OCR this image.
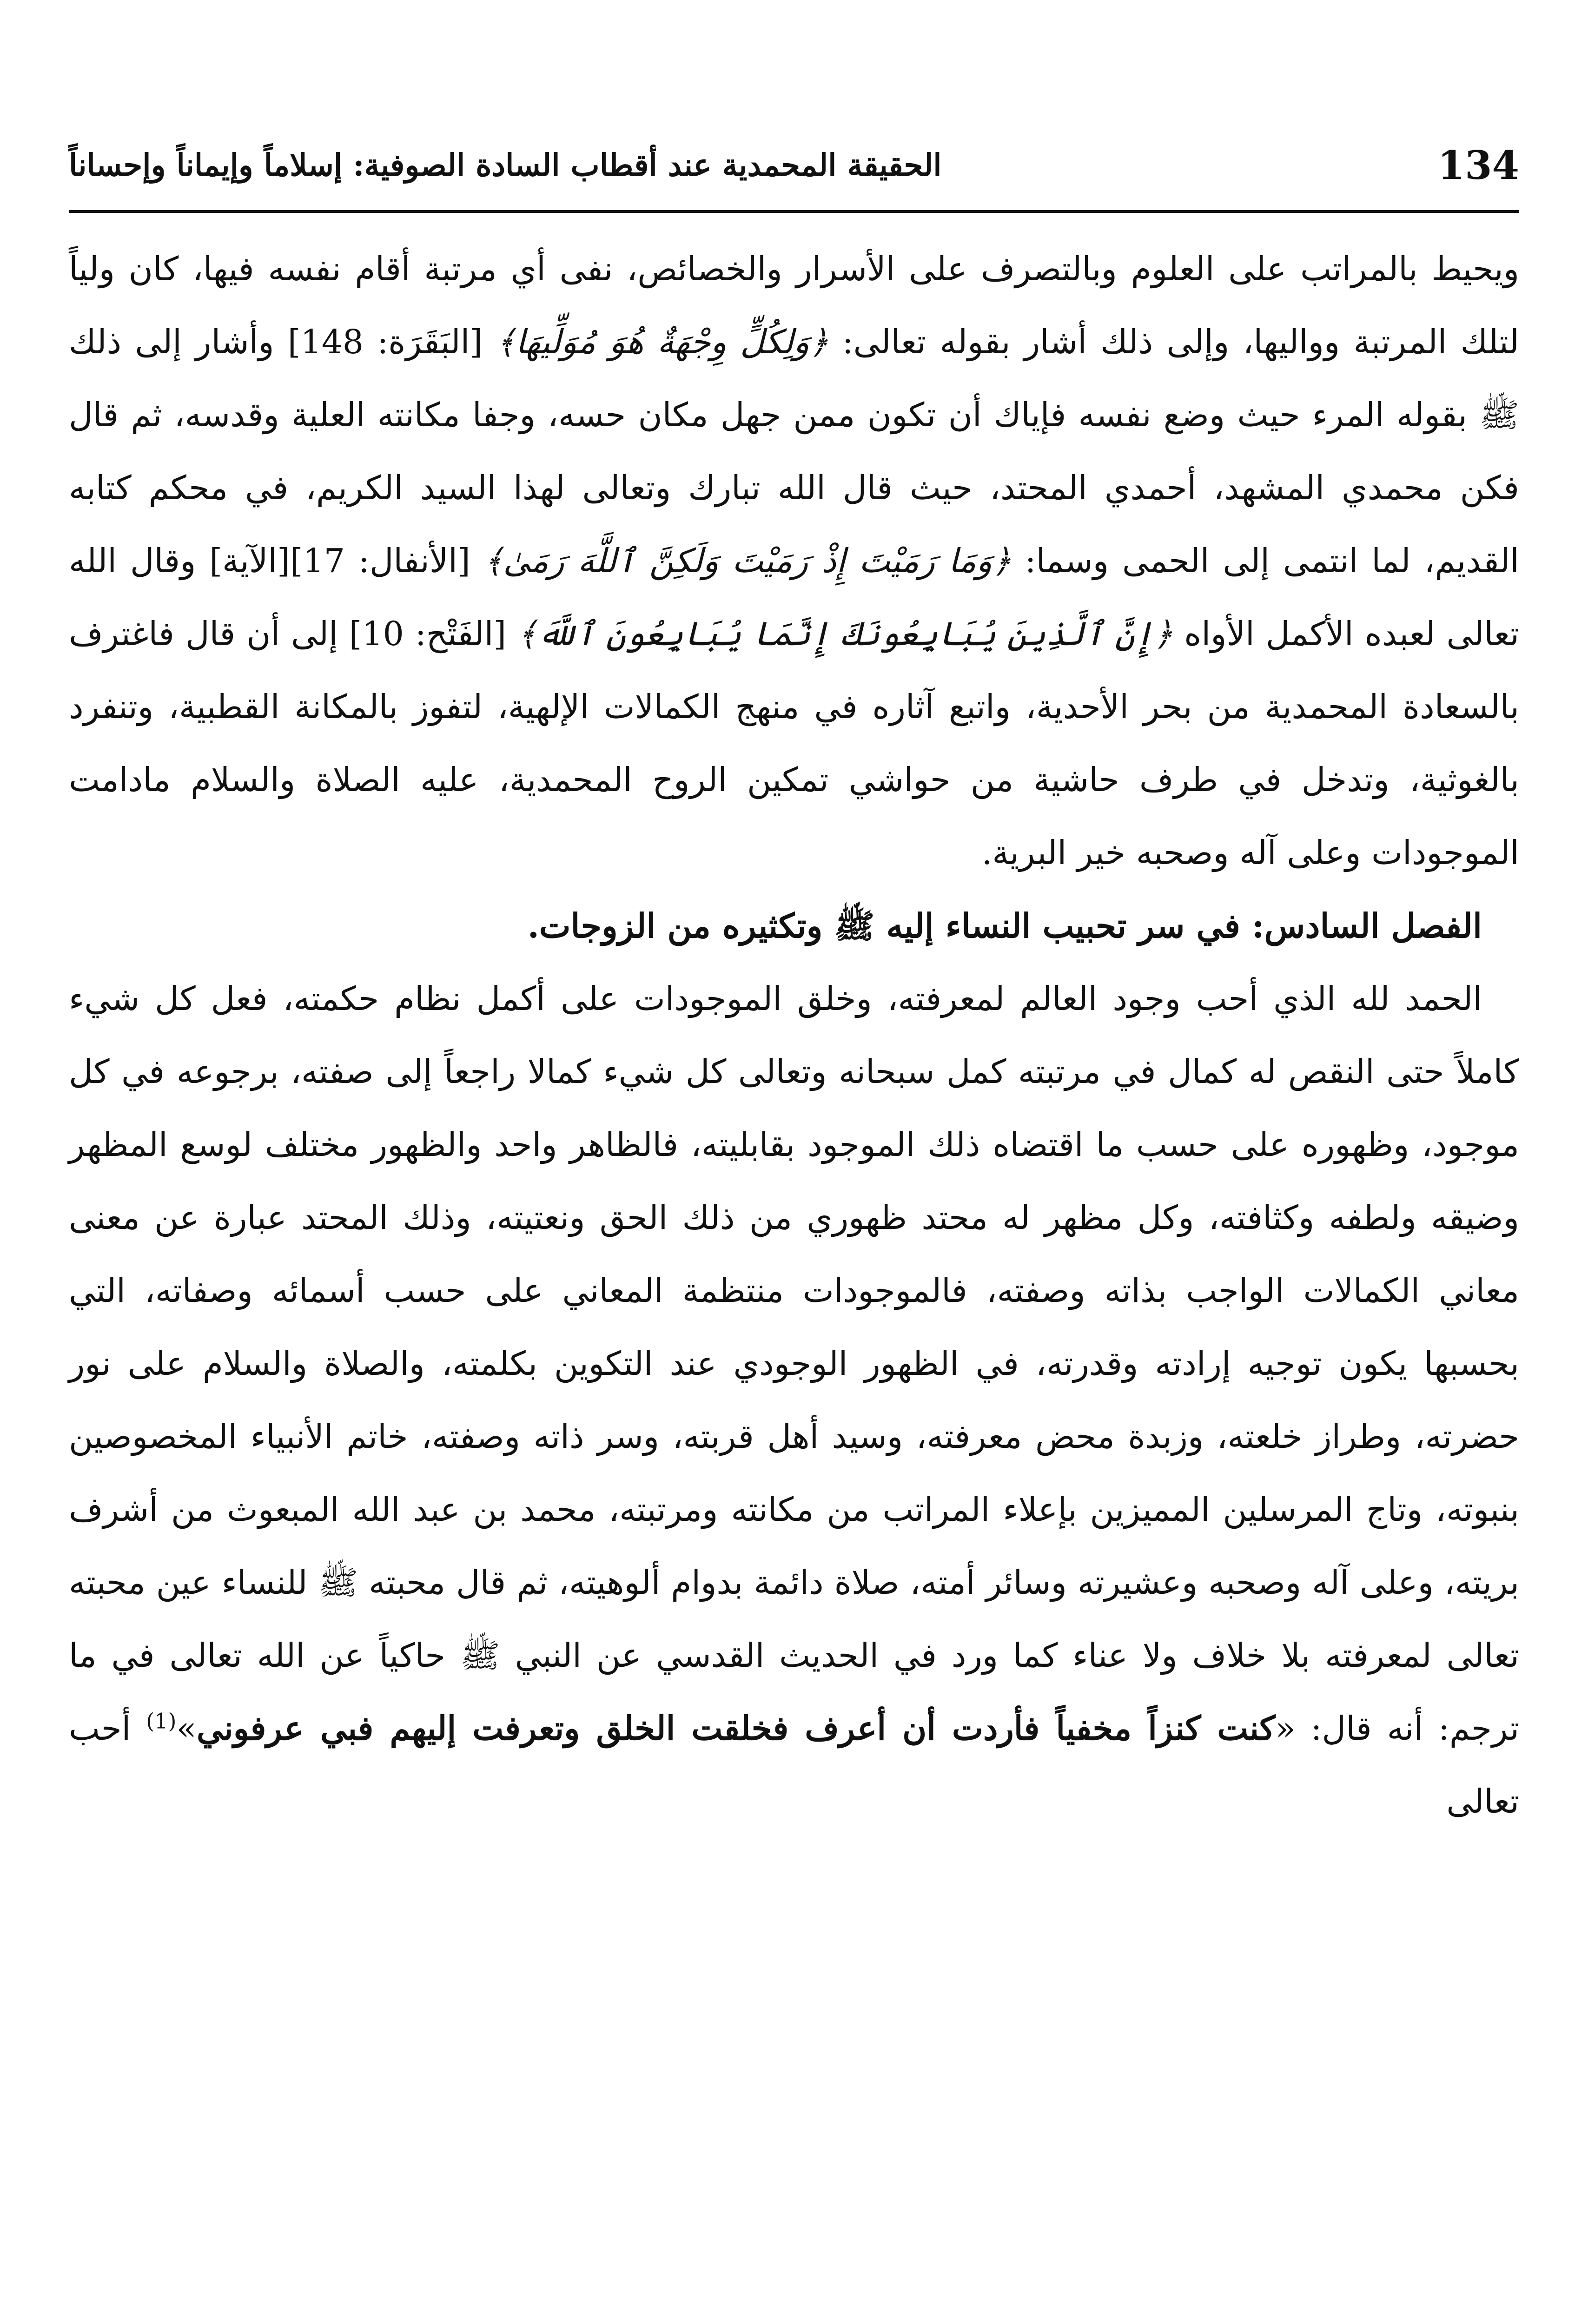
134
الحقيقة المحمدية عند أقطاب السادة الصوفية: إسلاماً وإيماناً وإحساناً

ويحيط بالمراتب على العلوم وبالتصرف على الأسرار والخصائص، نفى أي مرتبة أقام نفسه فيها، كان ولياً لتلك المرتبة وواليها، وإلى ذلك أشار بقوله تعالى: ﴿وَلِكُلٍّ وِجْهَةٌ هُوَ مُوَلِّيهَا﴾ [البَقَرَة: 148] وأشار إلى ذلك ﷺ بقوله المرء حيث وضع نفسه فإياك أن تكون ممن جهل مكان حسه، وجفا مكانته العلية وقدسه، ثم قال فكن محمدي المشهد، أحمدي المحتد، حيث قال الله تبارك وتعالى لهذا السيد الكريم، في محكم كتابه القديم، لما انتمى إلى الحمى وسما: ﴿وَمَا رَمَيْتَ إِذْ رَمَيْتَ وَلَكِنَّ ٱللَّهَ رَمَىٰ﴾ [الأنفال: 17][الآية] وقال الله تعالى لعبده الأكمل الأواه ﴿إِنَّ ٱلَّذِينَ يُبَايِعُونَكَ إِنَّمَا يُبَايِعُونَ ٱللَّهَ﴾ [الفَتْح: 10] إلى أن قال فاغترف بالسعادة المحمدية من بحر الأحدية، واتبع آثاره في منهج الكمالات الإلهية، لتفوز بالمكانة القطبية، وتنفرد بالغوثية، وتدخل في طرف حاشية من حواشي تمكين الروح المحمدية، عليه الصلاة والسلام مادامت الموجودات وعلى آله وصحبه خير البرية.

الفصل السادس: في سر تحبيب النساء إليه ﷺ وتكثيره من الزوجات.

الحمد لله الذي أحب وجود العالم لمعرفته، وخلق الموجودات على أكمل نظام حكمته، فعل كل شيء كاملاً حتى النقص له كمال في مرتبته كمل سبحانه وتعالى كل شيء كمالا راجعاً إلى صفته، برجوعه في كل موجود، وظهوره على حسب ما اقتضاه ذلك الموجود بقابليته، فالظاهر واحد والظهور مختلف لوسع المظهر وضيقه ولطفه وكثافته، وكل مظهر له محتد ظهوري من ذلك الحق ونعتيته، وذلك المحتد عبارة عن معنى معاني الكمالات الواجب بذاته وصفته، فالموجودات منتظمة المعاني على حسب أسمائه وصفاته، التي بحسبها يكون توجيه إرادته وقدرته، في الظهور الوجودي عند التكوين بكلمته، والصلاة والسلام على نور حضرته، وطراز خلعته، وزبدة محض معرفته، وسيد أهل قربته، وسر ذاته وصفته، خاتم الأنبياء المخصوصين بنبوته، وتاج المرسلين المميزين بإعلاء المراتب من مكانته ومرتبته، محمد بن عبد الله المبعوث من أشرف بريته، وعلى آله وصحبه وعشيرته وسائر أمته، صلاة دائمة بدوام ألوهيته، ثم قال محبته ﷺ للنساء عين محبته تعالى لمعرفته بلا خلاف ولا عناء كما ورد في الحديث القدسي عن النبي ﷺ حاكياً عن الله تعالى في ما ترجم: أنه قال: «كنت كنزاً مخفياً فأردت أن أعرف فخلقت الخلق وتعرفت إليهم فبي عرفوني»$^{(1)}$ أحب تعالى
